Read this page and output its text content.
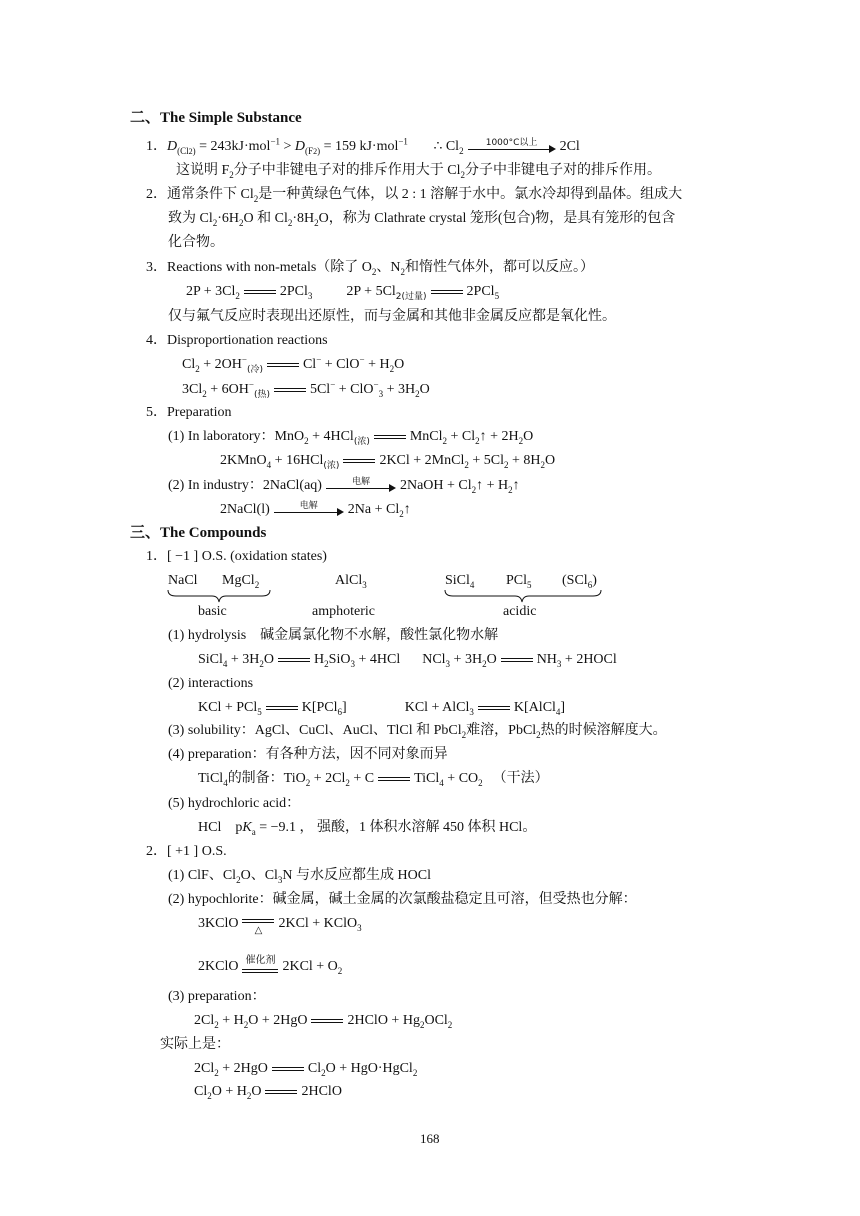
二、The Simple Substance
1．$D_{(Cl2)} = 243kJ\cdot mol^{-1} > D_{(F2)} = 159$ kJ·mol$^{-1}$ ∴ $Cl_2$
1000°C以上	2Cl
这说明 $F_2$分子中非键电子对的排斥作用大于 $Cl_2$分子中非键电子对的排斥作用。
2．通常条件下 $Cl_2$是一种黄绿色气体，以 2 : 1 溶解于水中。氯水冷却得到晶体。组成大
致为 $Cl_2\cdot 6H_2O$ 和 $Cl_2\cdot 8H_2O$，称为 Clathrate crystal 笼形(包合)物，是具有笼形的包含
化合物。
3．Reactions with non-metals（除了 $O_2$、$N_2$和惰性气体外，都可以反应。）
$2P + 3Cl_2$	2PCl$_3$ $2P + 5Cl_{2(过量)}$	2PCl$_5$
仅与氟气反应时表现出还原性，而与金属和其他非金属反应都是氧化性。
4．Disproportionation reactions
$Cl_2 + 2OH^-_{(冷)}$	$Cl^- + ClO^- + H_2O$
$3Cl_2 + 6OH^-_{(热)}$	$5Cl^- + ClO^-_3 + 3H_2O$
5．Preparation
(1) In laboratory：MnO$_2$ + 4HCl$_{(浓)}$	MnCl$_2$ + $Cl_2↑ + 2H_2O$
2KMnO$_4$ + 16HCl$_{(浓)}$	2KCl + 2MnCl$_2$ + $5Cl_2 + 8H_2O$
(2) In industry：2NaCl(aq)	电解	2NaOH + $Cl_2↑$ + $H_2↑$
2NaCl(l)	电解	$2Na + Cl_2↑$
三、The Compounds
1．[ −1 ] O.S. (oxidation states)
NaCl MgCl$_2$	AlCl$_3$	SiCl$_4$ PCl$_5$ (SCl$_6$)
basic	amphoteric	acidic
(1) hydrolysis　碱金属氯化物不水解，酸性氯化物水解
SiCl$_4$ + $3H_2O$	$H_2SiO_3 + 4HCl$ $NCl_3 + 3H_2O$	$NH_3$ + 2HOCl
(2) interactions
KCl + PCl$_5$	K[PCl$_6$]	KCl + AlCl$_3$	K[AlCl$_4$]
(3) solubility：AgCl、CuCl、AuCl、TlCl 和 PbCl$_2$难溶，PbCl$_2$热的时候溶解度大。
(4) preparation：有各种方法，因不同对象而异
TiCl$_4$的制备：$TiO_2 + 2Cl_2 + C$	TiCl$_4$ + $CO_2$ （干法）
(5) hydrochloric acid：
HCl　$pK_a = -9.1$ ， 强酸，1 体积水溶解 450 体积 HCl。
2．[ +1 ] O.S.
(1) ClF、$Cl_2O$、$Cl_3N$ 与水反应都生成 HOCl
(2) hypochlorite：碱金属，碱土金属的次氯酸盐稳定且可溶，但受热也分解：
3KClO	△	2KCl + KClO$_3$
2KClO 催化剂 $2KCl + O_2$
(3) preparation：
$2Cl_2 + H_2O + 2HgO$	2HClO + $Hg_2OCl_2$
实际上是：
$2Cl_2 + 2HgO$	$Cl_2O$ + HgO·HgCl$_2$
$Cl_2O + H_2O$	2HClO
168
